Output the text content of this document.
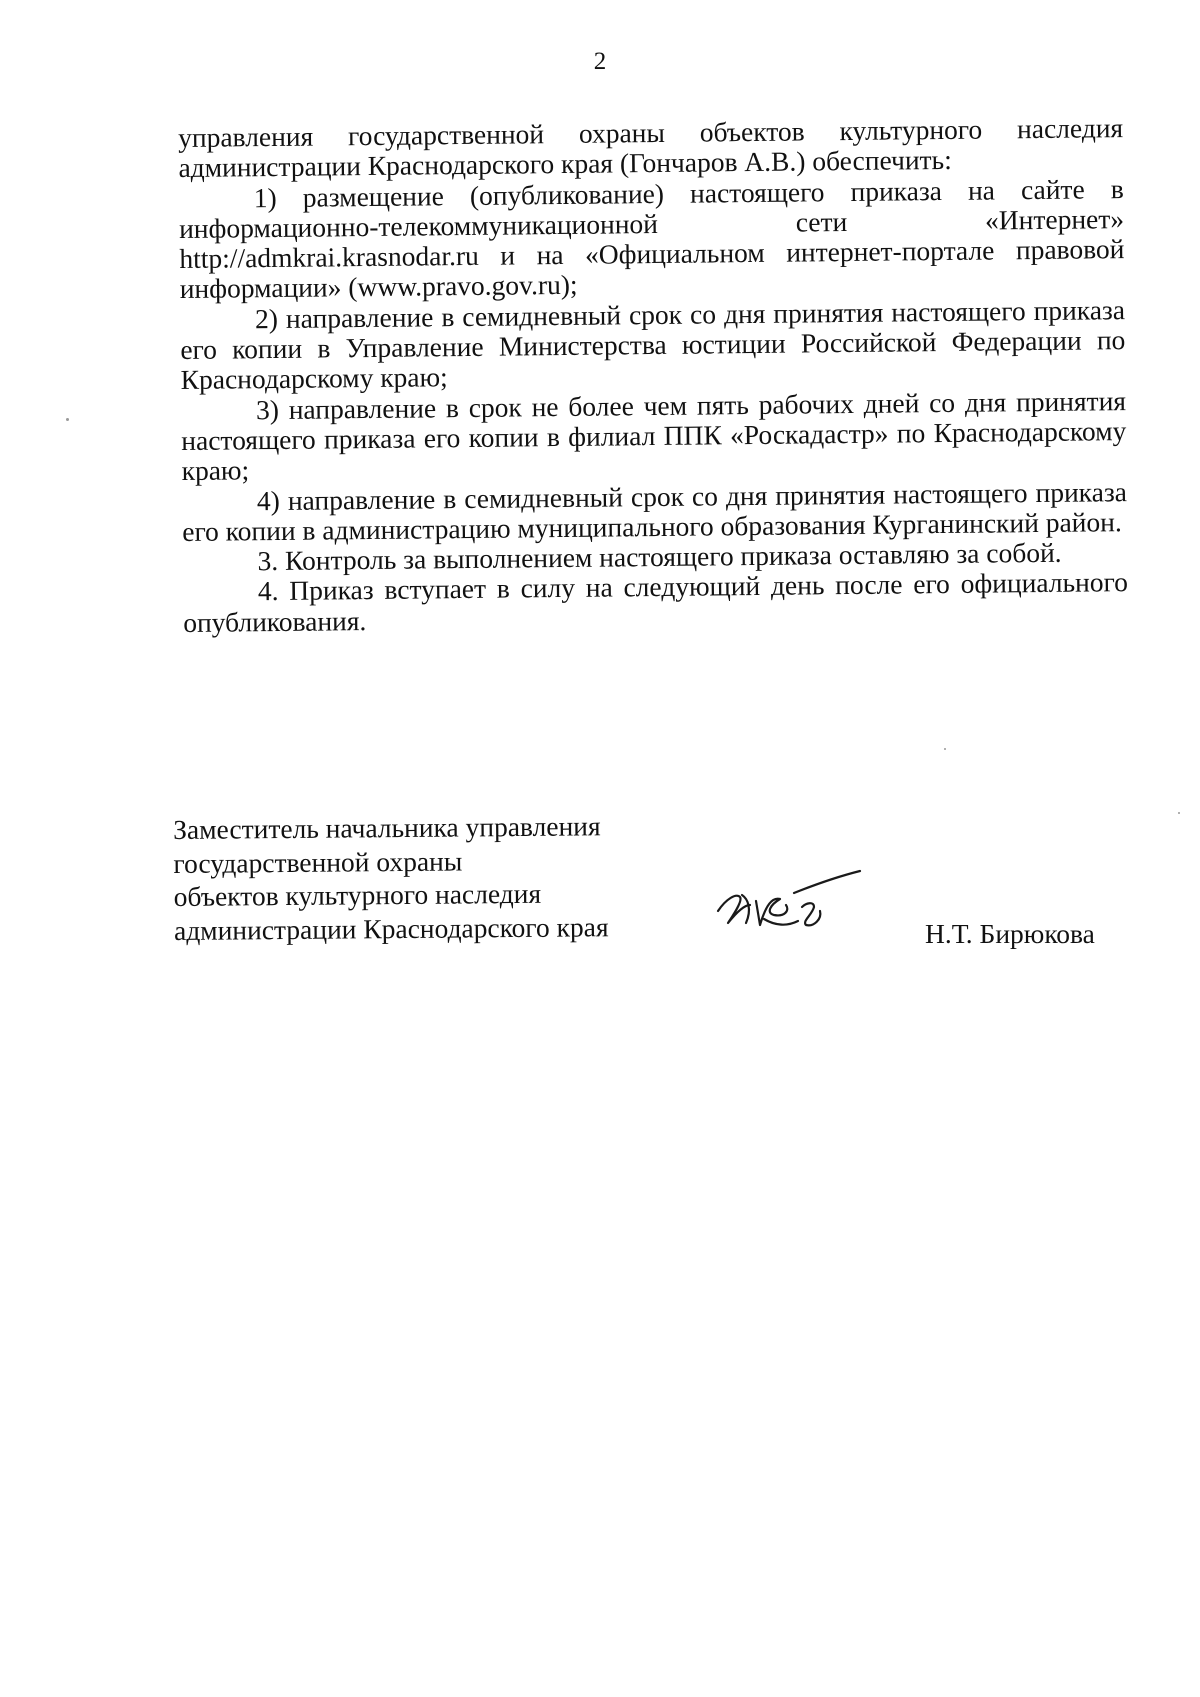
2

управления государственной охраны объектов культурного наследия администрации Краснодарского края (Гончаров А.В.) обеспечить:

1) размещение (опубликование) настоящего приказа на сайте в информационно-телекоммуникационной сети «Интернет» http://admkrai.krasnodar.ru и на «Официальном интернет-портале правовой информации» (www.pravo.gov.ru);

2) направление в семидневный срок со дня принятия настоящего приказа его копии в Управление Министерства юстиции Российской Федерации по Краснодарскому краю;

3) направление в срок не более чем пять рабочих дней со дня принятия настоящего приказа его копии в филиал ППК «Роскадастр» по Краснодарскому краю;

4) направление в семидневный срок со дня принятия настоящего приказа его копии в администрацию муниципального образования Курганинский район.

3. Контроль за выполнением настоящего приказа оставляю за собой.

4. Приказ вступает в силу на следующий день после его официального опубликования.

Заместитель начальника управления
государственной охраны
объектов культурного наследия
администрации Краснодарского края	Н.Т. Бирюкова
